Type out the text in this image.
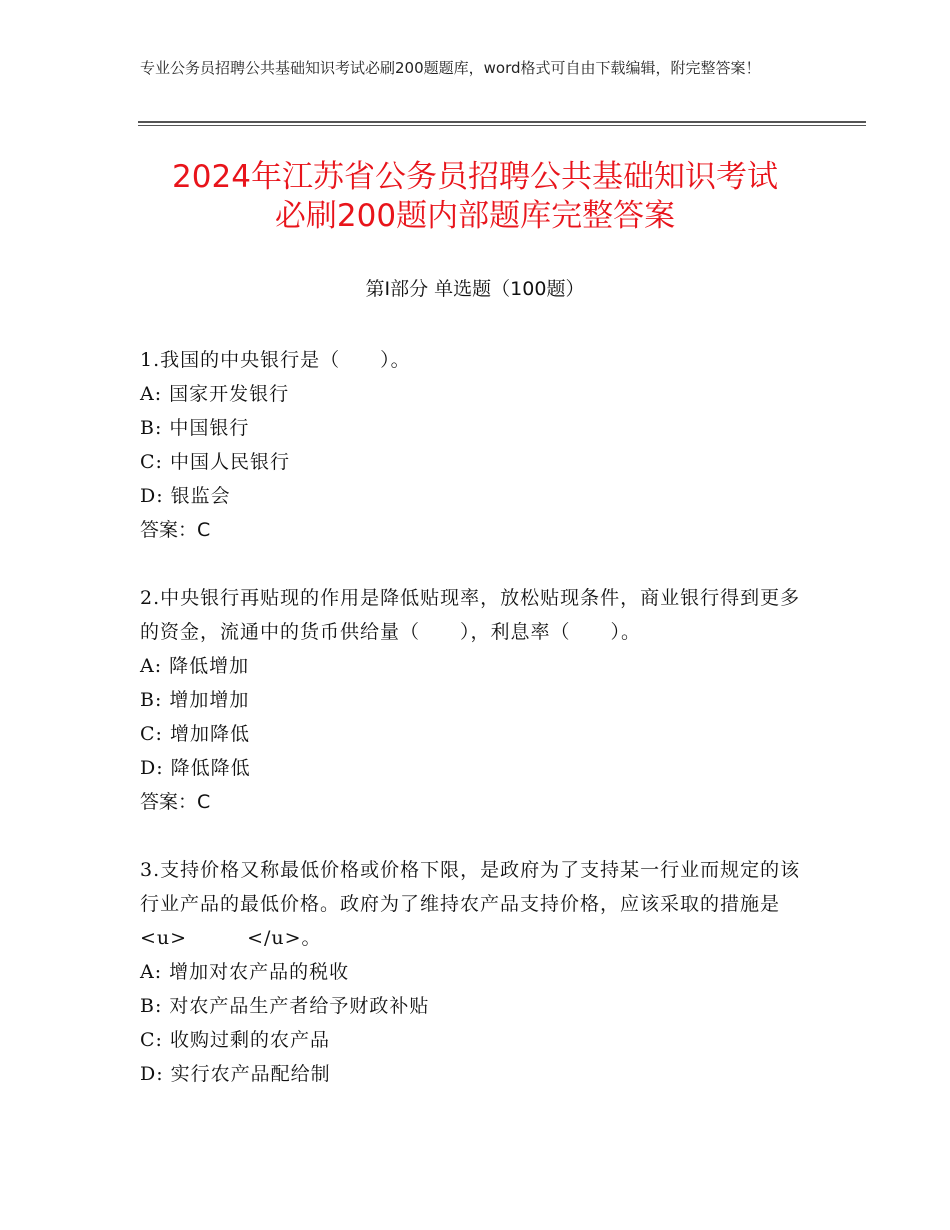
专业公务员招聘公共基础知识考试必刷200题题库，word格式可自由下载编辑，附完整答案！
2024年江苏省公务员招聘公共基础知识考试
必刷200题内部题库完整答案
第Ⅰ部分 单选题（100题）
1.我国的中央银行是（　　）。
A: 国家开发银行
B: 中国银行
C: 中国人民银行
D: 银监会
答案：C
2.中央银行再贴现的作用是降低贴现率，放松贴现条件，商业银行得到更多的资金，流通中的货币供给量（　　），利息率（　　）。
A: 降低增加
B: 增加增加
C: 增加降低
D: 降低降低
答案：C
3.支持价格又称最低价格或价格下限，是政府为了支持某一行业而规定的该行业产品的最低价格。政府为了维持农产品支持价格，应该采取的措施是<u>　　　</u>。
A: 增加对农产品的税收
B: 对农产品生产者给予财政补贴
C: 收购过剩的农产品
D: 实行农产品配给制
